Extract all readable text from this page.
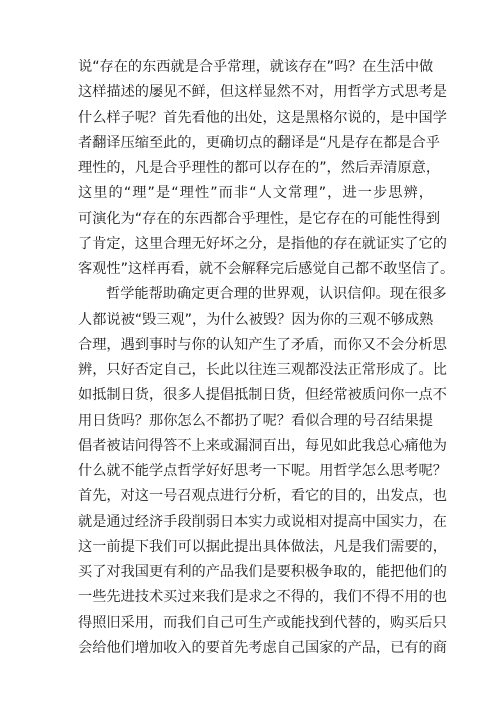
说“存在的东西就是合乎常理，就该存在”吗？在生活中做
这样描述的屡见不鲜，但这样显然不对，用哲学方式思考是
什么样子呢？首先看他的出处，这是黑格尔说的，是中国学
者翻译压缩至此的，更确切点的翻译是“凡是存在都是合乎
理性的，凡是合乎理性的都可以存在的”，然后弄清原意，
这里的“理”是“理性”而非“人文常理”，进一步思辨，
可演化为“存在的东西都合乎理性，是它存在的可能性得到
了肯定，这里合理无好坏之分，是指他的存在就证实了它的
客观性”这样再看，就不会解释完后感觉自己都不敢坚信了。
哲学能帮助确定更合理的世界观，认识信仰。现在很多
人都说被“毁三观”，为什么被毁？因为你的三观不够成熟
合理，遇到事时与你的认知产生了矛盾，而你又不会分析思
辨，只好否定自己，长此以往连三观都没法正常形成了。比
如抵制日货，很多人提倡抵制日货，但经常被质问你一点不
用日货吗？那你怎么不都扔了呢？看似合理的号召结果提
倡者被诘问得答不上来或漏洞百出，每见如此我总心痛他为
什么就不能学点哲学好好思考一下呢。用哲学怎么思考呢？
首先，对这一号召观点进行分析，看它的目的，出发点，也
就是通过经济手段削弱日本实力或说相对提高中国实力，在
这一前提下我们可以据此提出具体做法，凡是我们需要的，
买了对我国更有利的产品我们是要积极争取的，能把他们的
一些先进技术买过来我们是求之不得的，我们不得不用的也
得照旧采用，而我们自己可生产或能找到代替的，购买后只
会给他们增加收入的要首先考虑自己国家的产品，已有的商
